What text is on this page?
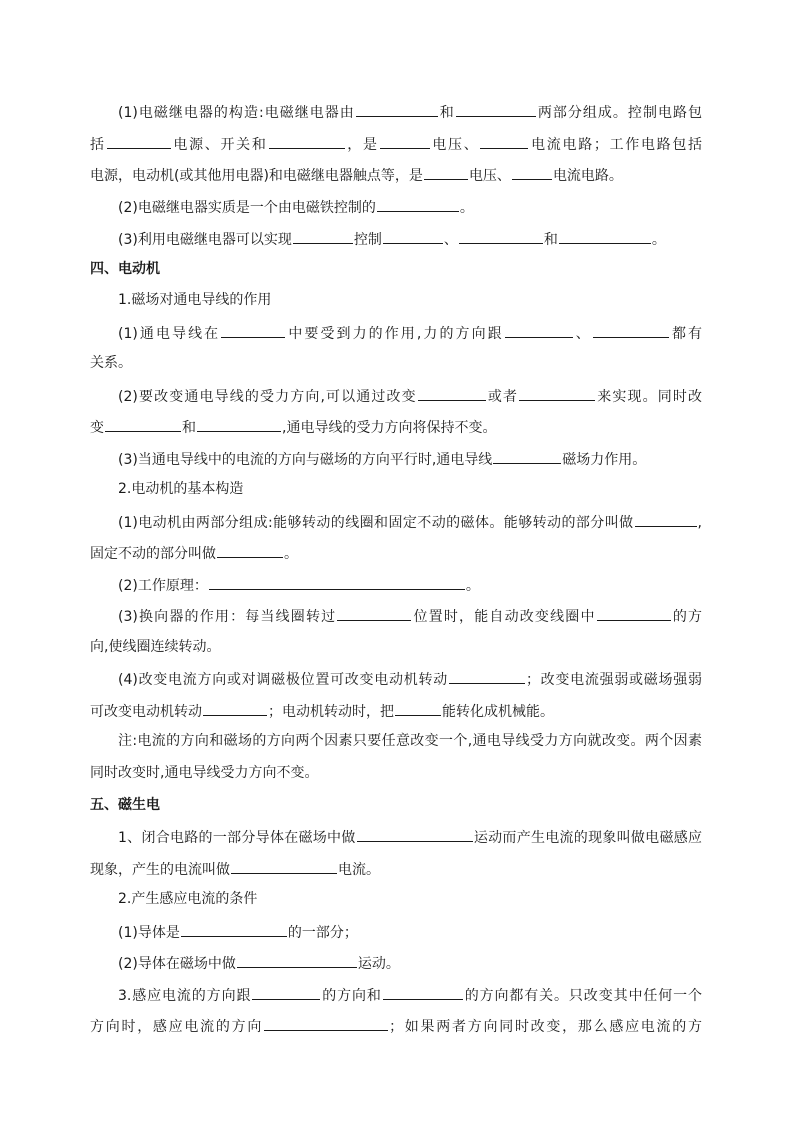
(1)电磁继电器的构造:电磁继电器由	和	两部分组成。控制电路包
括	电源、开关和	，是	电压、	电流电路；工作电路包括
电源，电动机(或其他用电器)和电磁继电器触点等，是	电压、	电流电路。
(2)电磁继电器实质是一个由电磁铁控制的	。
(3)利用电磁继电器可以实现	控制	、	和	。
四、电动机
1.磁场对通电导线的作用
(1)通电导线在	中要受到力的作用,力的方向跟	、	都有
关系。
(2)要改变通电导线的受力方向,可以通过改变	或者	来实现。同时改
变	和	,通电导线的受力方向将保持不变。
(3)当通电导线中的电流的方向与磁场的方向平行时,通电导线	磁场力作用。
2.电动机的基本构造
(1)电动机由两部分组成:能够转动的线圈和固定不动的磁体。能够转动的部分叫做	,
固定不动的部分叫做	。
(2)工作原理：	。
(3)换向器的作用：每当线圈转过	位置时，能自动改变线圈中	的方
向,使线圈连续转动。
(4)改变电流方向或对调磁极位置可改变电动机转动	；改变电流强弱或磁场强弱
可改变电动机转动	；电动机转动时，把	能转化成机械能。
注:电流的方向和磁场的方向两个因素只要任意改变一个,通电导线受力方向就改变。两个因素
同时改变时,通电导线受力方向不变。
五、磁生电
1、闭合电路的一部分导体在磁场中做	运动而产生电流的现象叫做电磁感应
现象，产生的电流叫做	电流。
2.产生感应电流的条件
(1)导体是	的一部分；
(2)导体在磁场中做	运动。
3.感应电流的方向跟	的方向和	的方向都有关。只改变其中任何一个
方向时，感应电流的方向	；如果两者方向同时改变，那么感应电流的方
